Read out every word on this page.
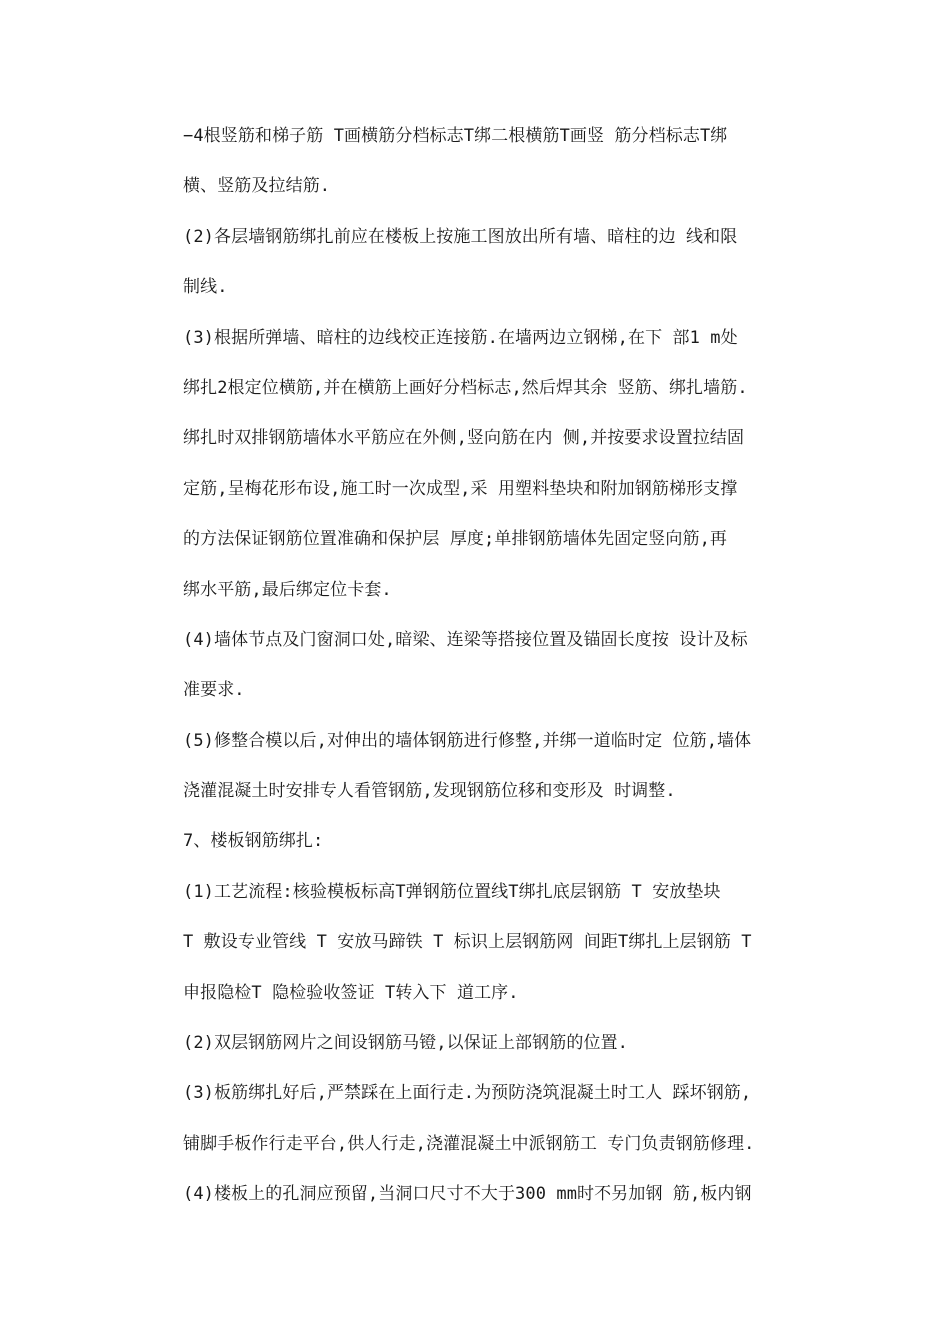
−4根竖筋和梯子筋 T画横筋分档标志T绑二根横筋T画竖 筋分档标志T绑
横、竖筋及拉结筋.
(2)各层墙钢筋绑扎前应在楼板上按施工图放出所有墙、暗柱的边 线和限
制线.
(3)根据所弹墙、暗柱的边线校正连接筋.在墙两边立钢梯,在下 部1 m处
绑扎2根定位横筋,并在横筋上画好分档标志,然后焊其余 竖筋、绑扎墙筋.
绑扎时双排钢筋墙体水平筋应在外侧,竖向筋在内 侧,并按要求设置拉结固
定筋,呈梅花形布设,施工时一次成型,采 用塑料垫块和附加钢筋梯形支撑
的方法保证钢筋位置准确和保护层 厚度;单排钢筋墙体先固定竖向筋,再
绑水平筋,最后绑定位卡套.
(4)墙体节点及门窗洞口处,暗梁、连梁等搭接位置及锚固长度按 设计及标
准要求.
(5)修整合模以后,对伸出的墙体钢筋进行修整,并绑一道临时定 位筋,墙体
浇灌混凝土时安排专人看管钢筋,发现钢筋位移和变形及 时调整.
7、楼板钢筋绑扎:
(1)工艺流程:核验模板标高T弹钢筋位置线T绑扎底层钢筋 T 安放垫块
T 敷设专业管线 T 安放马蹄铁 T 标识上层钢筋网 间距T绑扎上层钢筋 T
申报隐检T 隐检验收签证 T转入下 道工序.
(2)双层钢筋网片之间设钢筋马镫,以保证上部钢筋的位置.
(3)板筋绑扎好后,严禁踩在上面行走.为预防浇筑混凝土时工人 踩坏钢筋,
铺脚手板作行走平台,供人行走,浇灌混凝土中派钢筋工 专门负责钢筋修理.
(4)楼板上的孔洞应预留,当洞口尺寸不大于300 mm时不另加钢 筋,板内钢
